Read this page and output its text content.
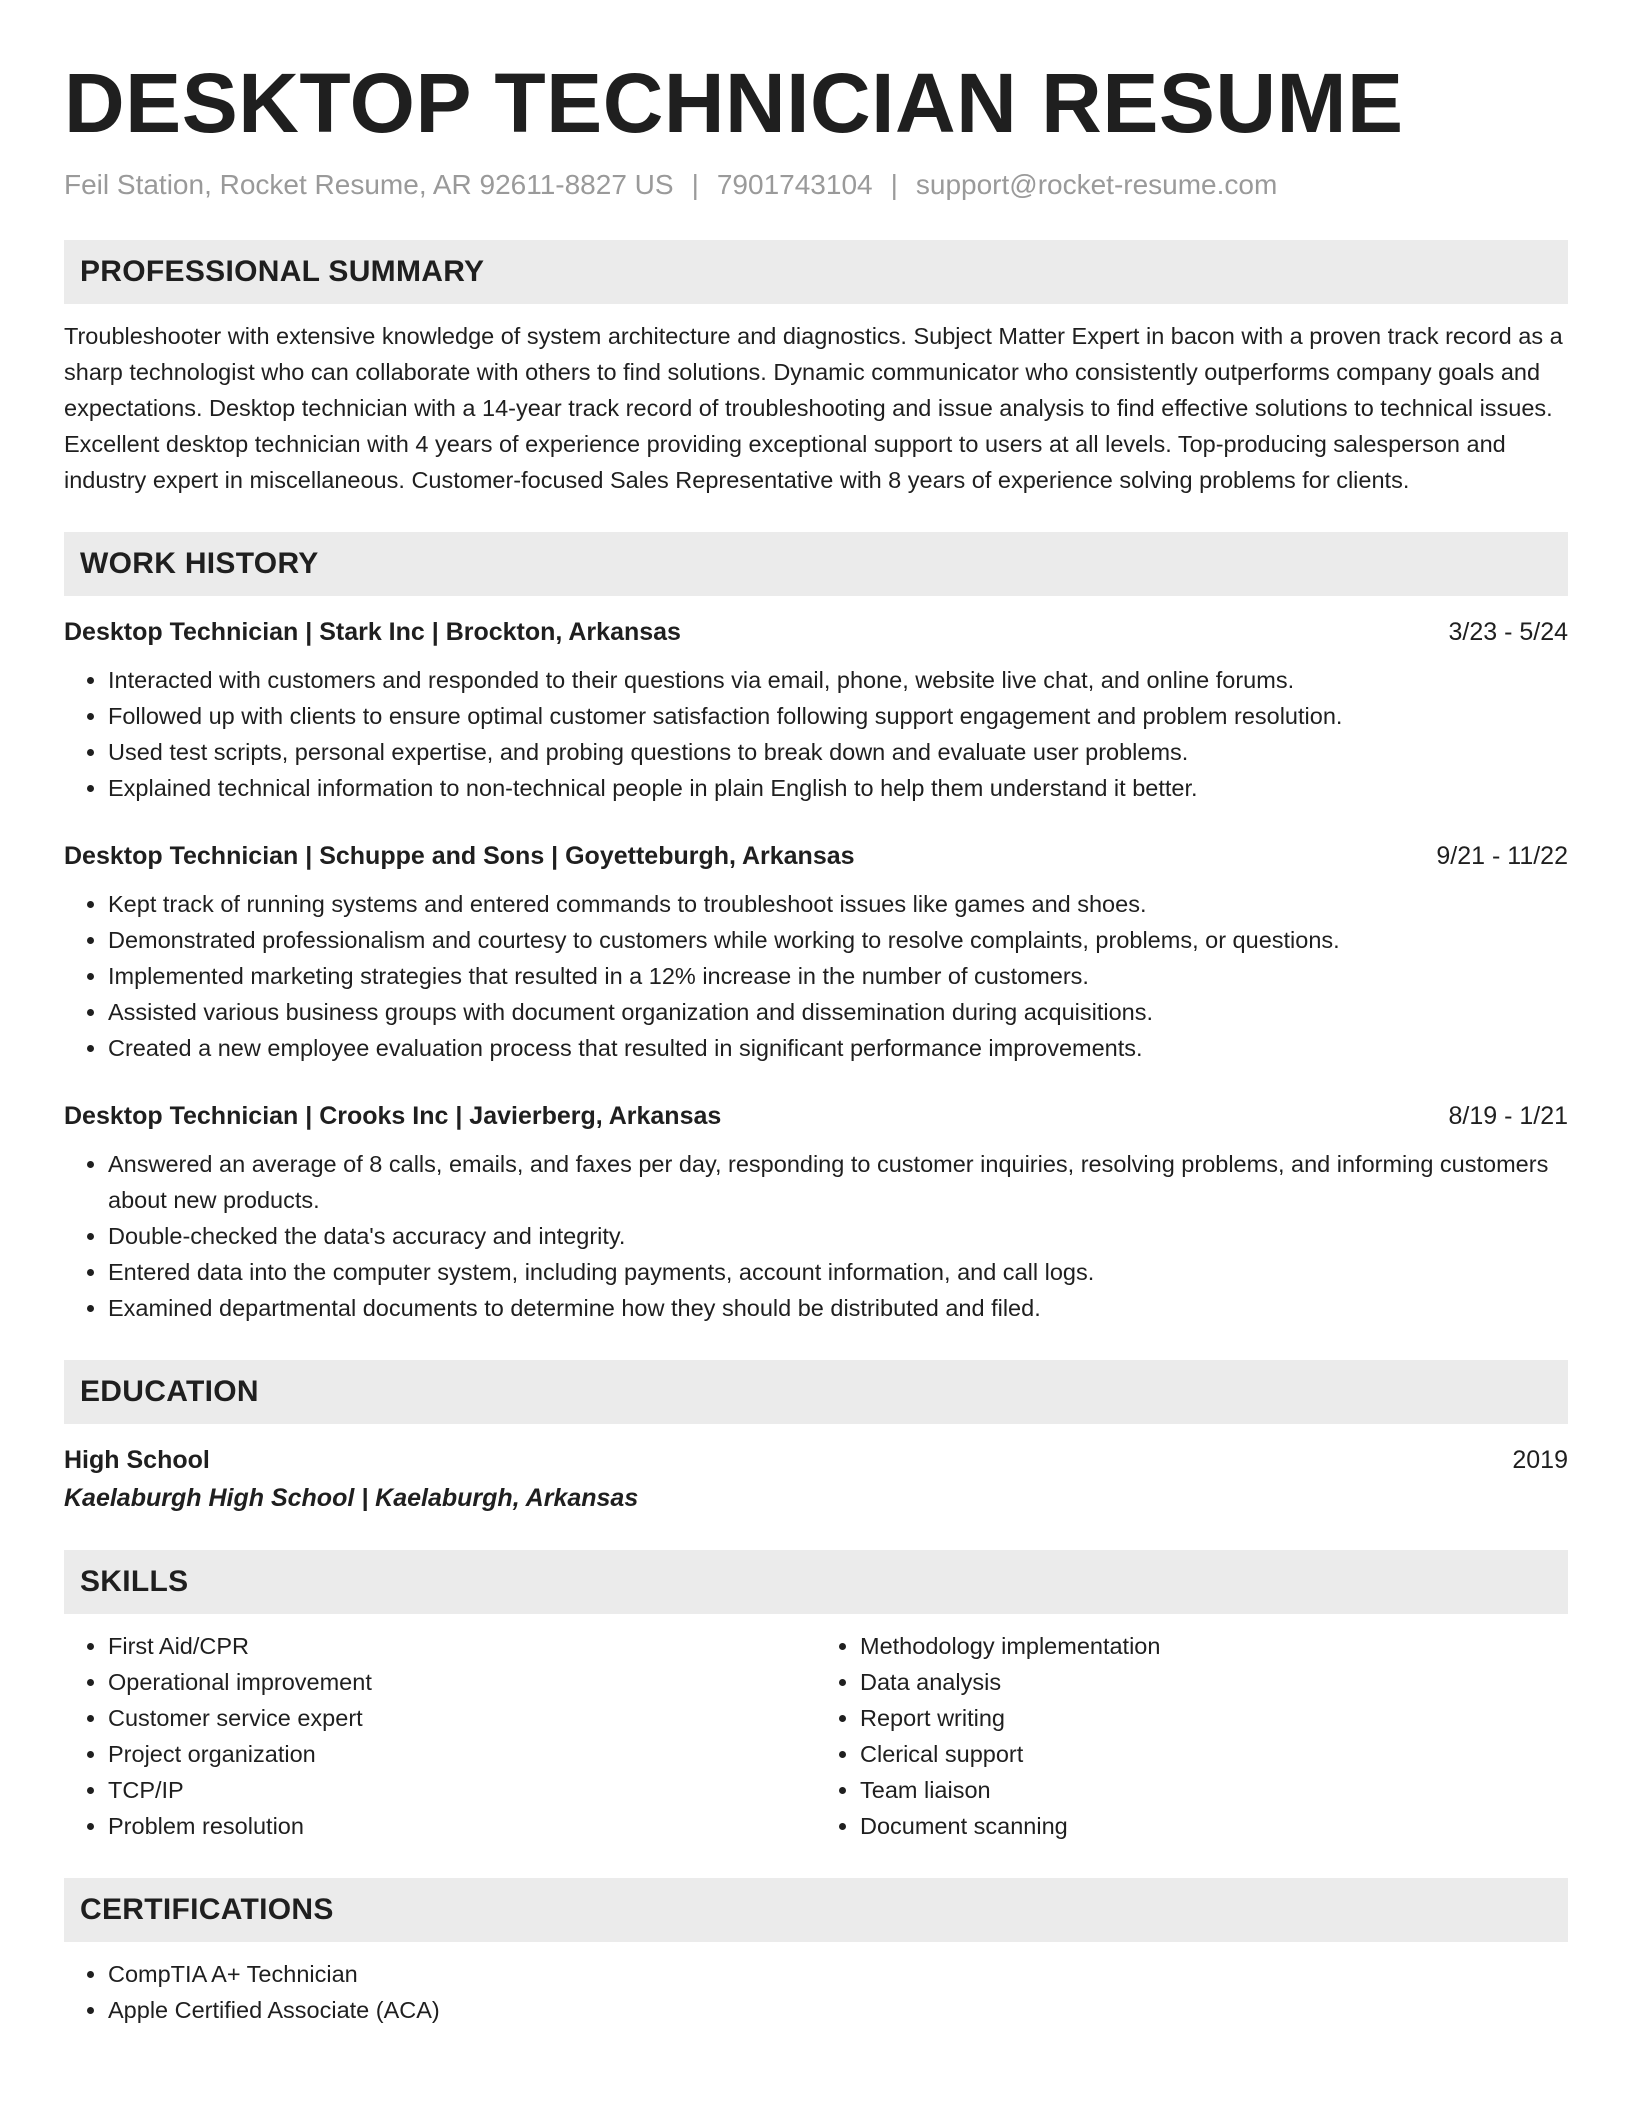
DESKTOP TECHNICIAN RESUME
Feil Station, Rocket Resume, AR 92611-8827 US | 7901743104 | support@rocket-resume.com
PROFESSIONAL SUMMARY

Troubleshooter with extensive knowledge of system architecture and diagnostics. Subject Matter Expert in bacon with a proven track record as a sharp technologist who can collaborate with others to find solutions. Dynamic communicator who consistently outperforms company goals and expectations. Desktop technician with a 14-year track record of troubleshooting and issue analysis to find effective solutions to technical issues. Excellent desktop technician with 4 years of experience providing exceptional support to users at all levels. Top-producing salesperson and industry expert in miscellaneous. Customer-focused Sales Representative with 8 years of experience solving problems for clients.

WORK HISTORY
Desktop Technician | Stark Inc | Brockton, Arkansas	3/23 - 5/24
• Interacted with customers and responded to their questions via email, phone, website live chat, and online forums.
• Followed up with clients to ensure optimal customer satisfaction following support engagement and problem resolution.
• Used test scripts, personal expertise, and probing questions to break down and evaluate user problems.
• Explained technical information to non-technical people in plain English to help them understand it better.
Desktop Technician | Schuppe and Sons | Goyetteburgh, Arkansas	9/21 - 11/22
• Kept track of running systems and entered commands to troubleshoot issues like games and shoes.
• Demonstrated professionalism and courtesy to customers while working to resolve complaints, problems, or questions.
• Implemented marketing strategies that resulted in a 12% increase in the number of customers.
• Assisted various business groups with document organization and dissemination during acquisitions.
• Created a new employee evaluation process that resulted in significant performance improvements.
Desktop Technician | Crooks Inc | Javierberg, Arkansas	8/19 - 1/21
• Answered an average of 8 calls, emails, and faxes per day, responding to customer inquiries, resolving problems, and informing customers about new products.
• Double-checked the data's accuracy and integrity.
• Entered data into the computer system, including payments, account information, and call logs.
• Examined departmental documents to determine how they should be distributed and filed.
EDUCATION
High School	2019
Kaelaburgh High School | Kaelaburgh, Arkansas
SKILLS
• First Aid/CPR
• Operational improvement
• Customer service expert
• Project organization
• TCP/IP
• Problem resolution
• Methodology implementation
• Data analysis
• Report writing
• Clerical support
• Team liaison
• Document scanning
CERTIFICATIONS
• CompTIA A+ Technician
• Apple Certified Associate (ACA)
